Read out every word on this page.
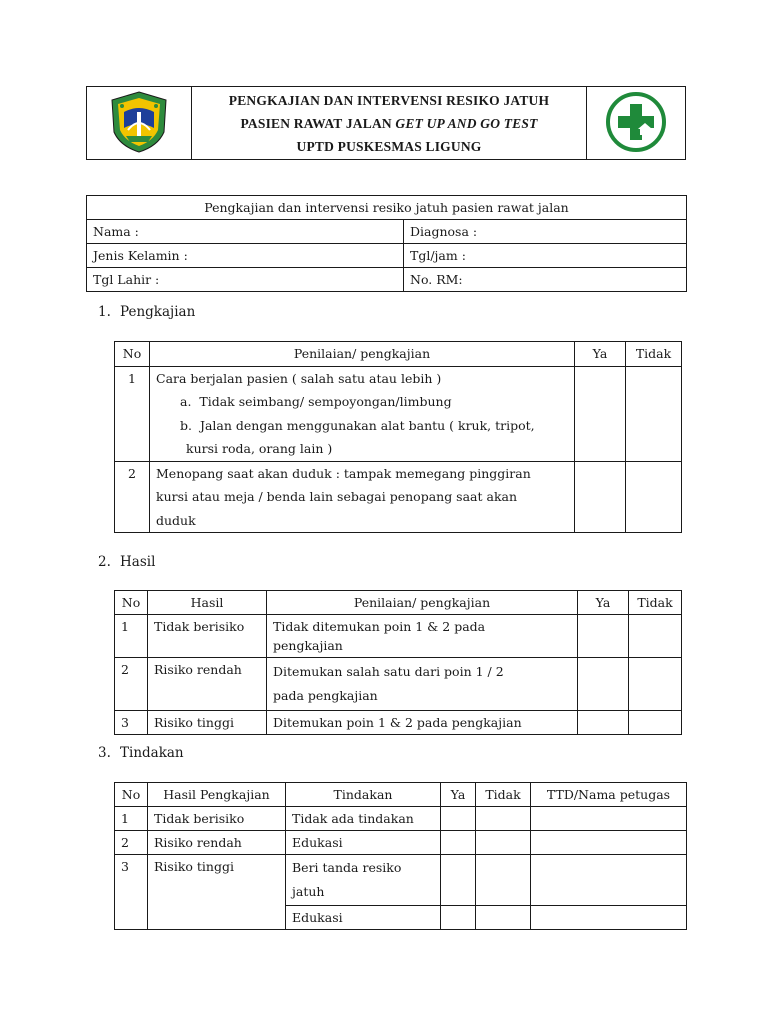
PENGKAJIAN DAN INTERVENSI RESIKO JATUH
PASIEN RAWAT JALAN GET UP AND GO TEST
UPTD PUSKESMAS LIGUNG

Pengkajian dan intervensi resiko jatuh pasien rawat jalan	
Nama :	Diagnosa :
Jenis Kelamin :	Tgl/jam :
Tgl Lahir :	No. RM:
1. Pengkajian
No	Penilaian/ pengkajian	Ya	Tidak
1	Cara berjalan pasien ( salah satu atau lebih )
a. Tidak seimbang/ sempoyongan/limbung
b. Jalan dengan menggunakan alat bantu ( kruk, tripot,
kursi roda, orang lain )		

2	Menopang saat akan duduk : tampak memegang pinggiran
kursi atau meja / benda lain sebagai penopang saat akan
duduk		

2. Hasil
No	Hasil	Penilaian/ pengkajian	Ya	Tidak
1	Tidak berisiko	Tidak ditemukan poin 1 & 2 pada
pengkajian		

2	Risiko rendah	Ditemukan salah satu dari poin 1 / 2
pada pengkajian		

3	Risiko tinggi	Ditemukan poin 1 & 2 pada pengkajian		
3. Tindakan
No	Hasil Pengkajian	Tindakan	Ya	Tidak	TTD/Nama petugas
1	Tidak berisiko	Tidak ada tindakan			
2	Risiko rendah	Edukasi			
3	Risiko tinggi	Beri tanda resiko
jatuh			

		Edukasi			
